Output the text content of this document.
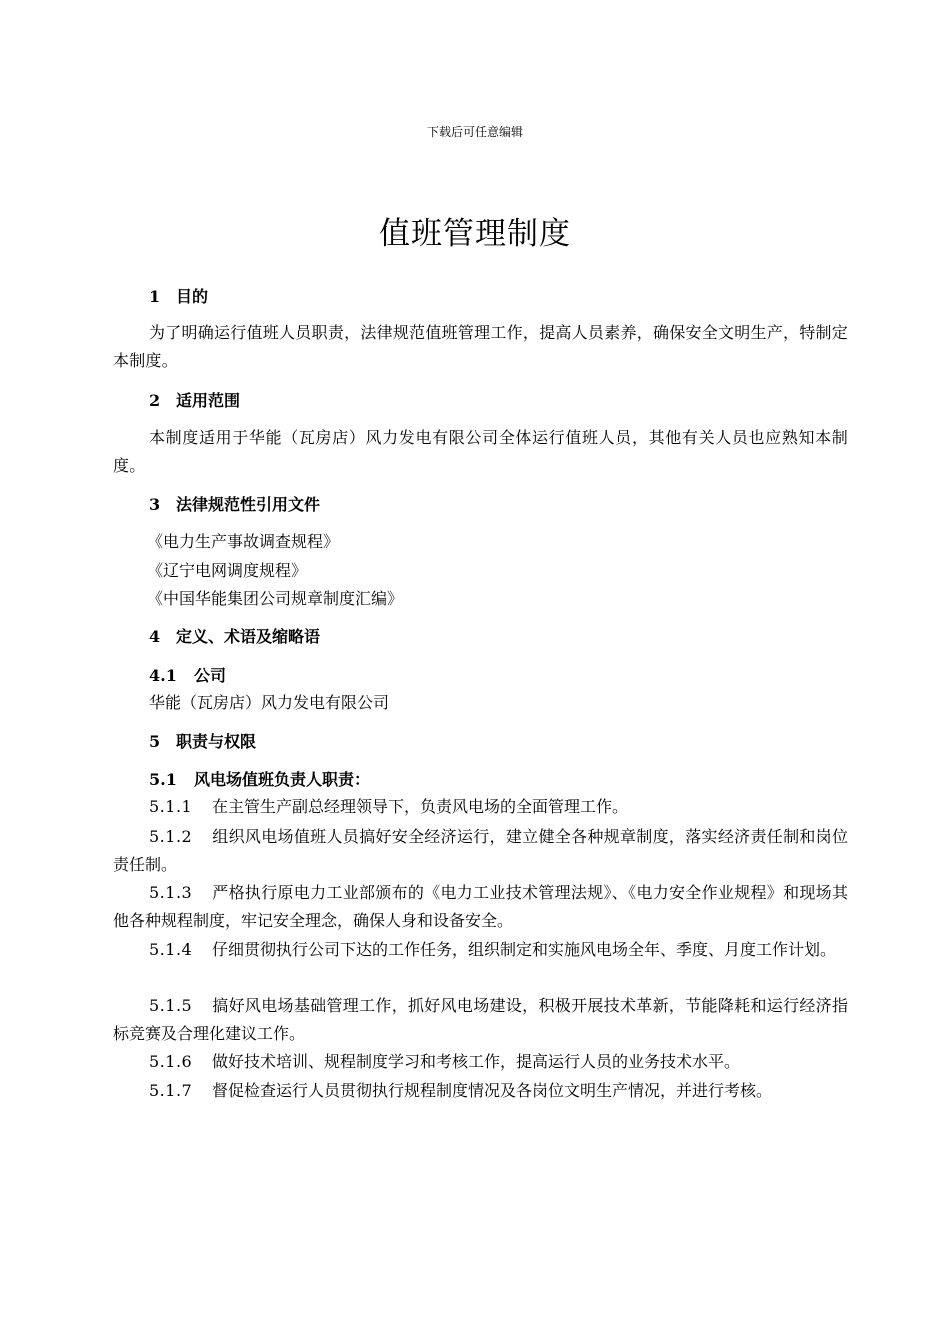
下载后可任意编辑
值班管理制度
1 目的
为了明确运行值班人员职责，法律规范值班管理工作，提高人员素养，确保安全文明生产，特制定本制度。
2 适用范围
本制度适用于华能（瓦房店）风力发电有限公司全体运行值班人员，其他有关人员也应熟知本制度。
3 法律规范性引用文件
《电力生产事故调查规程》
《辽宁电网调度规程》
《中国华能集团公司规章制度汇编》
4 定义、术语及缩略语
4.1 公司
华能（瓦房店）风力发电有限公司
5 职责与权限
5.1 风电场值班负责人职责：
5.1.1 在主管生产副总经理领导下，负责风电场的全面管理工作。
5.1.2 组织风电场值班人员搞好安全经济运行，建立健全各种规章制度，落实经济责任制和岗位责任制。
5.1.3 严格执行原电力工业部颁布的《电力工业技术管理法规》、《电力安全作业规程》和现场其他各种规程制度，牢记安全理念，确保人身和设备安全。
5.1.4 仔细贯彻执行公司下达的工作任务，组织制定和实施风电场全年、季度、月度工作计划。
5.1.5 搞好风电场基础管理工作，抓好风电场建设，积极开展技术革新，节能降耗和运行经济指标竞赛及合理化建议工作。
5.1.6 做好技术培训、规程制度学习和考核工作，提高运行人员的业务技术水平。
5.1.7 督促检查运行人员贯彻执行规程制度情况及各岗位文明生产情况，并进行考核。
